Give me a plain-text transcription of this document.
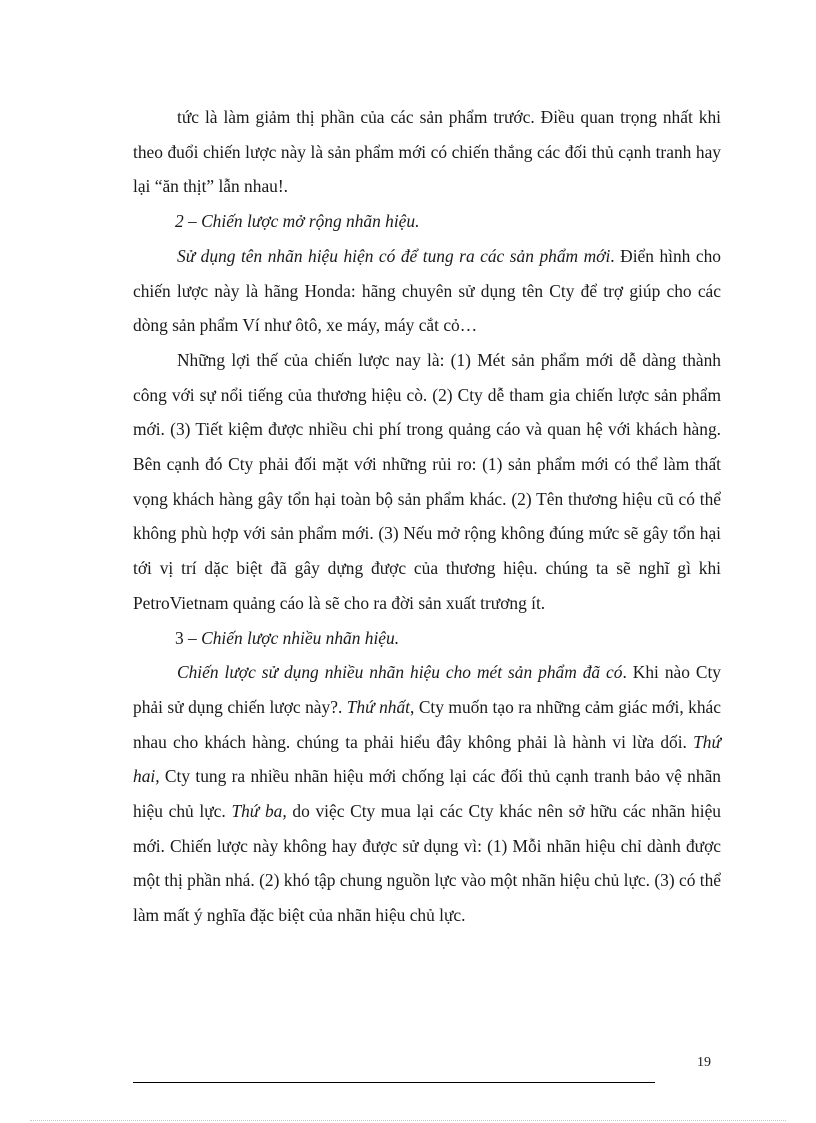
tức là làm giảm thị phần của các sản phẩm trước. Điều quan trọng nhất khi theo đuổi chiến lược này là sản phẩm mới có chiến thắng các đối thủ cạnh tranh hay lại “ăn thịt” lẫn nhau!.

2 – Chiến lược mở rộng nhãn hiệu.

Sử dụng tên nhãn hiệu hiện có để tung ra các sản phẩm mới. Điển hình cho chiến lược này là hãng Honda: hãng chuyên sử dụng tên Cty để trợ giúp cho các dòng sản phẩm Ví như ôtô, xe máy, máy cắt cỏ…

Những lợi thế của chiến lược nay là: (1) Mét sản phẩm mới dễ dàng thành công với sự nổi tiếng của thương hiệu cò. (2) Cty dễ tham gia chiến lược sản phẩm mới. (3) Tiết kiệm được nhiều chi phí trong quảng cáo và quan hệ với khách hàng. Bên cạnh đó Cty phải đối mặt với những rủi ro: (1) sản phẩm mới có thể làm thất vọng khách hàng gây tổn hại toàn bộ sản phẩm khác. (2) Tên thương hiệu cũ có thể không phù hợp với sản phẩm mới. (3) Nếu mở rộng không đúng mức sẽ gây tổn hại tới vị trí dặc biệt đã gây dựng được của thương hiệu. chúng ta sẽ nghĩ gì khi PetroVietnam quảng cáo là sẽ cho ra đời sản xuất trương ít.

3 – Chiến lược nhiều nhãn hiệu.

Chiến lược sử dụng nhiều nhãn hiệu cho mét sản phẩm đã có. Khi nào Cty phải sử dụng chiến lược này?. Thứ nhất, Cty muốn tạo ra những cảm giác mới, khác nhau cho khách hàng. chúng ta phải hiểu đây không phải là hành vi lừa dối. Thứ hai, Cty tung ra nhiều nhãn hiệu mới chống lại các đối thủ cạnh tranh bảo vệ nhãn hiệu chủ lực. Thứ ba, do việc Cty mua lại các Cty khác nên sở hữu các nhãn hiệu mới. Chiến lược này không hay được sử dụng vì: (1) Mỗi nhãn hiệu chỉ dành được một thị phần nhá. (2) khó tập chung nguồn lực vào một nhãn hiệu chủ lực. (3) có thể làm mất ý nghĩa đặc biệt của nhãn hiệu chủ lực.

19
